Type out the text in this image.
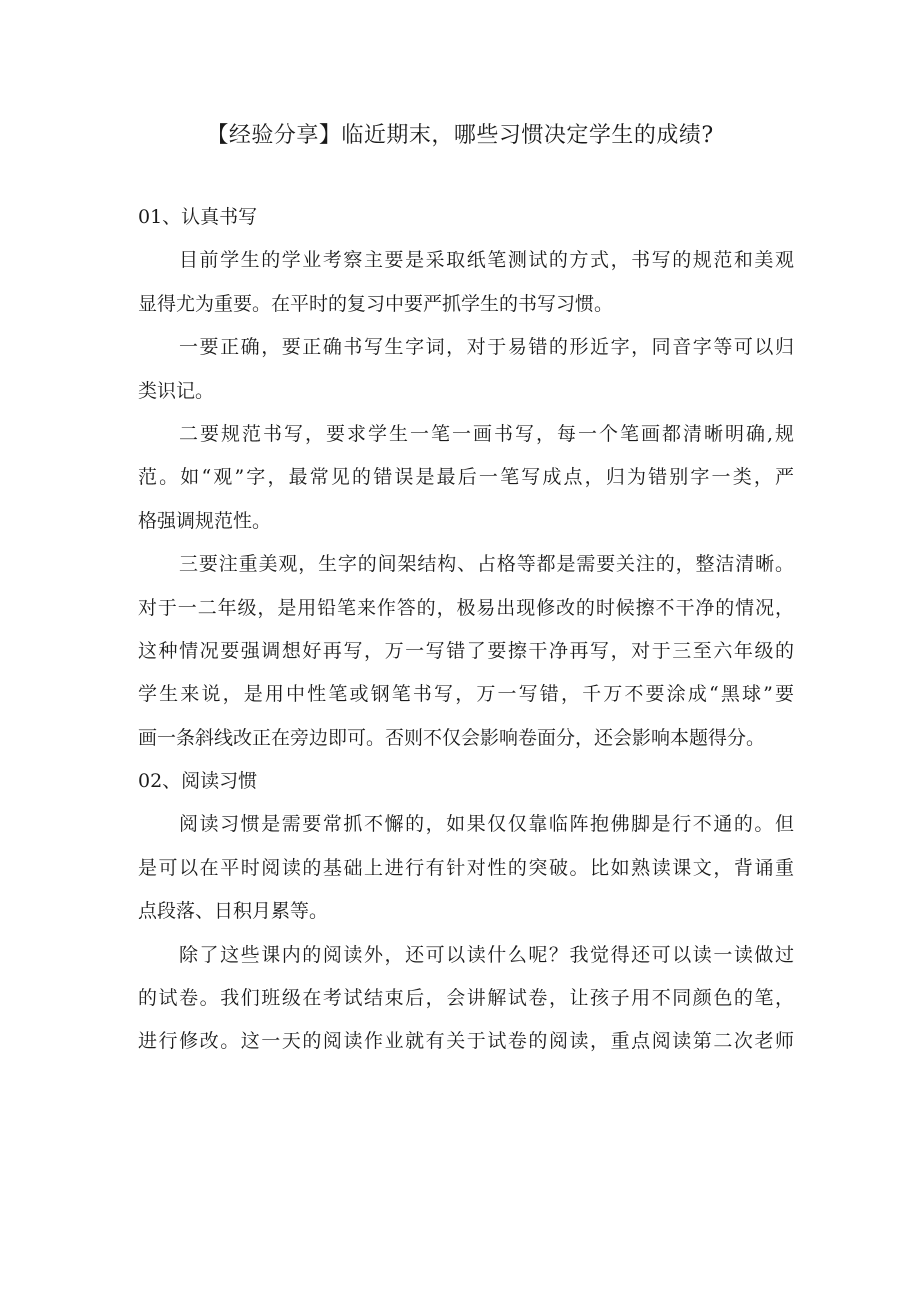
【经验分享】临近期末，哪些习惯决定学生的成绩?
01、认真书写
目前学生的学业考察主要是采取纸笔测试的方式，书写的规范和美观
显得尤为重要。在平时的复习中要严抓学生的书写习惯。
一要正确，要正确书写生字词，对于易错的形近字，同音字等可以归
类识记。
二要规范书写，要求学生一笔一画书写，每一个笔画都清晰明确,规
范。如“观”字，最常见的错误是最后一笔写成点，归为错别字一类，严
格强调规范性。
三要注重美观，生字的间架结构、占格等都是需要关注的，整洁清晰。
对于一二年级，是用铅笔来作答的，极易出现修改的时候擦不干净的情况，
这种情况要强调想好再写，万一写错了要擦干净再写，对于三至六年级的
学生来说，是用中性笔或钢笔书写，万一写错，千万不要涂成“黑球”要
画一条斜线改正在旁边即可。否则不仅会影响卷面分，还会影响本题得分。
02、阅读习惯
阅读习惯是需要常抓不懈的，如果仅仅靠临阵抱佛脚是行不通的。但
是可以在平时阅读的基础上进行有针对性的突破。比如熟读课文，背诵重
点段落、日积月累等。
除了这些课内的阅读外，还可以读什么呢？我觉得还可以读一读做过
的试卷。我们班级在考试结束后，会讲解试卷，让孩子用不同颜色的笔，
进行修改。这一天的阅读作业就有关于试卷的阅读，重点阅读第二次老师
